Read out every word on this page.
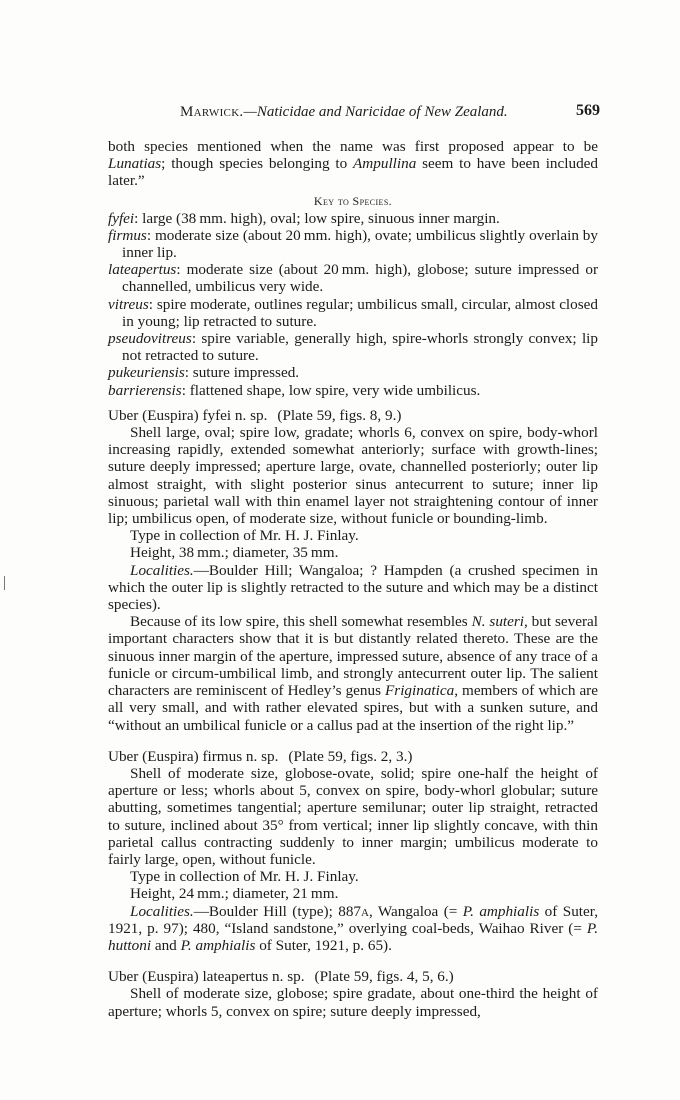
Marwick.—Naticidae and Naricidae of New Zealand.	569

both species mentioned when the name was first proposed appear to be Lunatias; though species belonging to Ampullina seem to have been included later.”

Key to Species.

fyfei: large (38 mm. high), oval; low spire, sinuous inner margin.

firmus: moderate size (about 20 mm. high), ovate; umbilicus slightly overlain by inner lip.

lateapertus: moderate size (about 20 mm. high), globose; suture impressed or channelled, umbilicus very wide.

vitreus: spire moderate, outlines regular; umbilicus small, circular, almost closed in young; lip retracted to suture.

pseudovitreus: spire variable, generally high, spire-whorls strongly convex; lip not retracted to suture.

pukeuriensis: suture impressed.

barrierensis: flattened shape, low spire, very wide umbilicus.

Uber (Euspira) fyfei n. sp. (Plate 59, figs. 8, 9.)

Shell large, oval; spire low, gradate; whorls 6, convex on spire, body-whorl increasing rapidly, extended somewhat anteriorly; surface with growth-lines; suture deeply impressed; aperture large, ovate, channelled posteriorly; outer lip almost straight, with slight posterior sinus antecurrent to suture; inner lip sinuous; parietal wall with thin enamel layer not straightening contour of inner lip; umbilicus open, of moderate size, without funicle or bounding-limb.

Type in collection of Mr. H. J. Finlay.

Height, 38 mm.; diameter, 35 mm.

Localities.—Boulder Hill; Wangaloa; ? Hampden (a crushed specimen in which the outer lip is slightly retracted to the suture and which may be a distinct species).

Because of its low spire, this shell somewhat resembles N. suteri, but several important characters show that it is but distantly related thereto. These are the sinuous inner margin of the aperture, impressed suture, absence of any trace of a funicle or circum-umbilical limb, and strongly antecurrent outer lip. The salient characters are reminiscent of Hedley’s genus Friginatica, members of which are all very small, and with rather elevated spires, but with a sunken suture, and “without an umbilical funicle or a callus pad at the insertion of the right lip.”

Uber (Euspira) firmus n. sp. (Plate 59, figs. 2, 3.)

Shell of moderate size, globose-ovate, solid; spire one-half the height of aperture or less; whorls about 5, convex on spire, body-whorl globular; suture abutting, sometimes tangential; aperture semilunar; outer lip straight, retracted to suture, inclined about 35° from vertical; inner lip slightly concave, with thin parietal callus contracting suddenly to inner margin; umbilicus moderate to fairly large, open, without funicle.

Type in collection of Mr. H. J. Finlay.

Height, 24 mm.; diameter, 21 mm.

Localities.—Boulder Hill (type); 887a, Wangaloa (= P. amphialis of Suter, 1921, p. 97); 480, “Island sandstone,” overlying coal-beds, Waihao River (= P. huttoni and P. amphialis of Suter, 1921, p. 65).

Uber (Euspira) lateapertus n. sp. (Plate 59, figs. 4, 5, 6.)

Shell of moderate size, globose; spire gradate, about one-third the height of aperture; whorls 5, convex on spire; suture deeply impressed,
